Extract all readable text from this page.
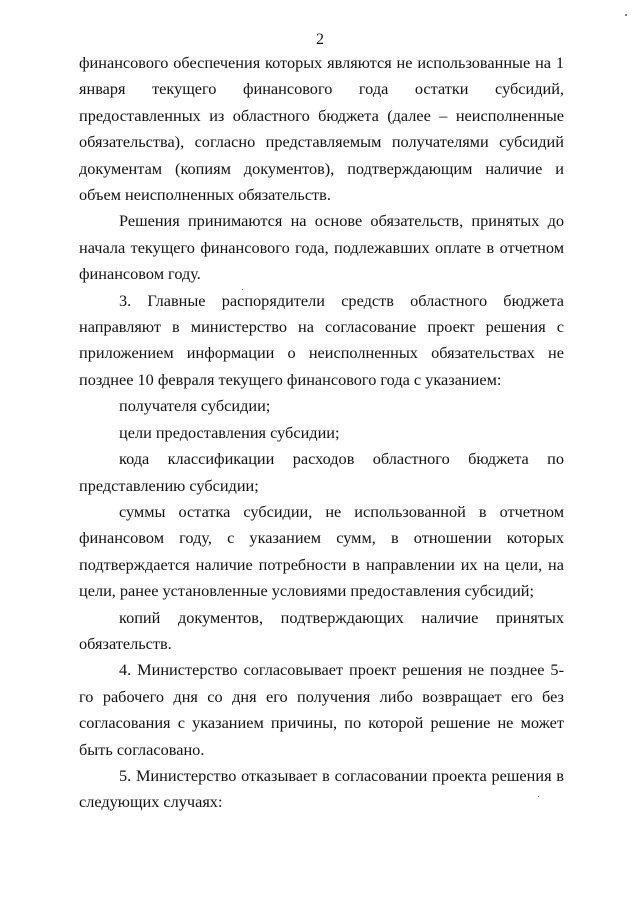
2

финансового обеспечения которых являются не использованные на 1 января текущего финансового года остатки субсидий, предоставленных из областного бюджета (далее – неисполненные обязательства), согласно представляемым получателями субсидий документам (копиям документов), подтверждающим наличие и объем неисполненных обязательств.

Решения принимаются на основе обязательств, принятых до начала текущего финансового года, подлежавших оплате в отчетном финансовом году.

3. Главные распорядители средств областного бюджета направляют в министерство на согласование проект решения с приложением информации о неисполненных обязательствах не позднее 10 февраля текущего финансового года с указанием:

получателя субсидии;

цели предоставления субсидии;

кода классификации расходов областного бюджета по представлению субсидии;

суммы остатка субсидии, не использованной в отчетном финансовом году, с указанием сумм, в отношении которых подтверждается наличие потребности в направлении их на цели, на цели, ранее установленные условиями предоставления субсидий;

копий документов, подтверждающих наличие принятых обязательств.

4. Министерство согласовывает проект решения не позднее 5-го рабочего дня со дня его получения либо возвращает его без согласования с указанием причины, по которой решение не может быть согласовано.

5. Министерство отказывает в согласовании проекта решения в следующих случаях:
